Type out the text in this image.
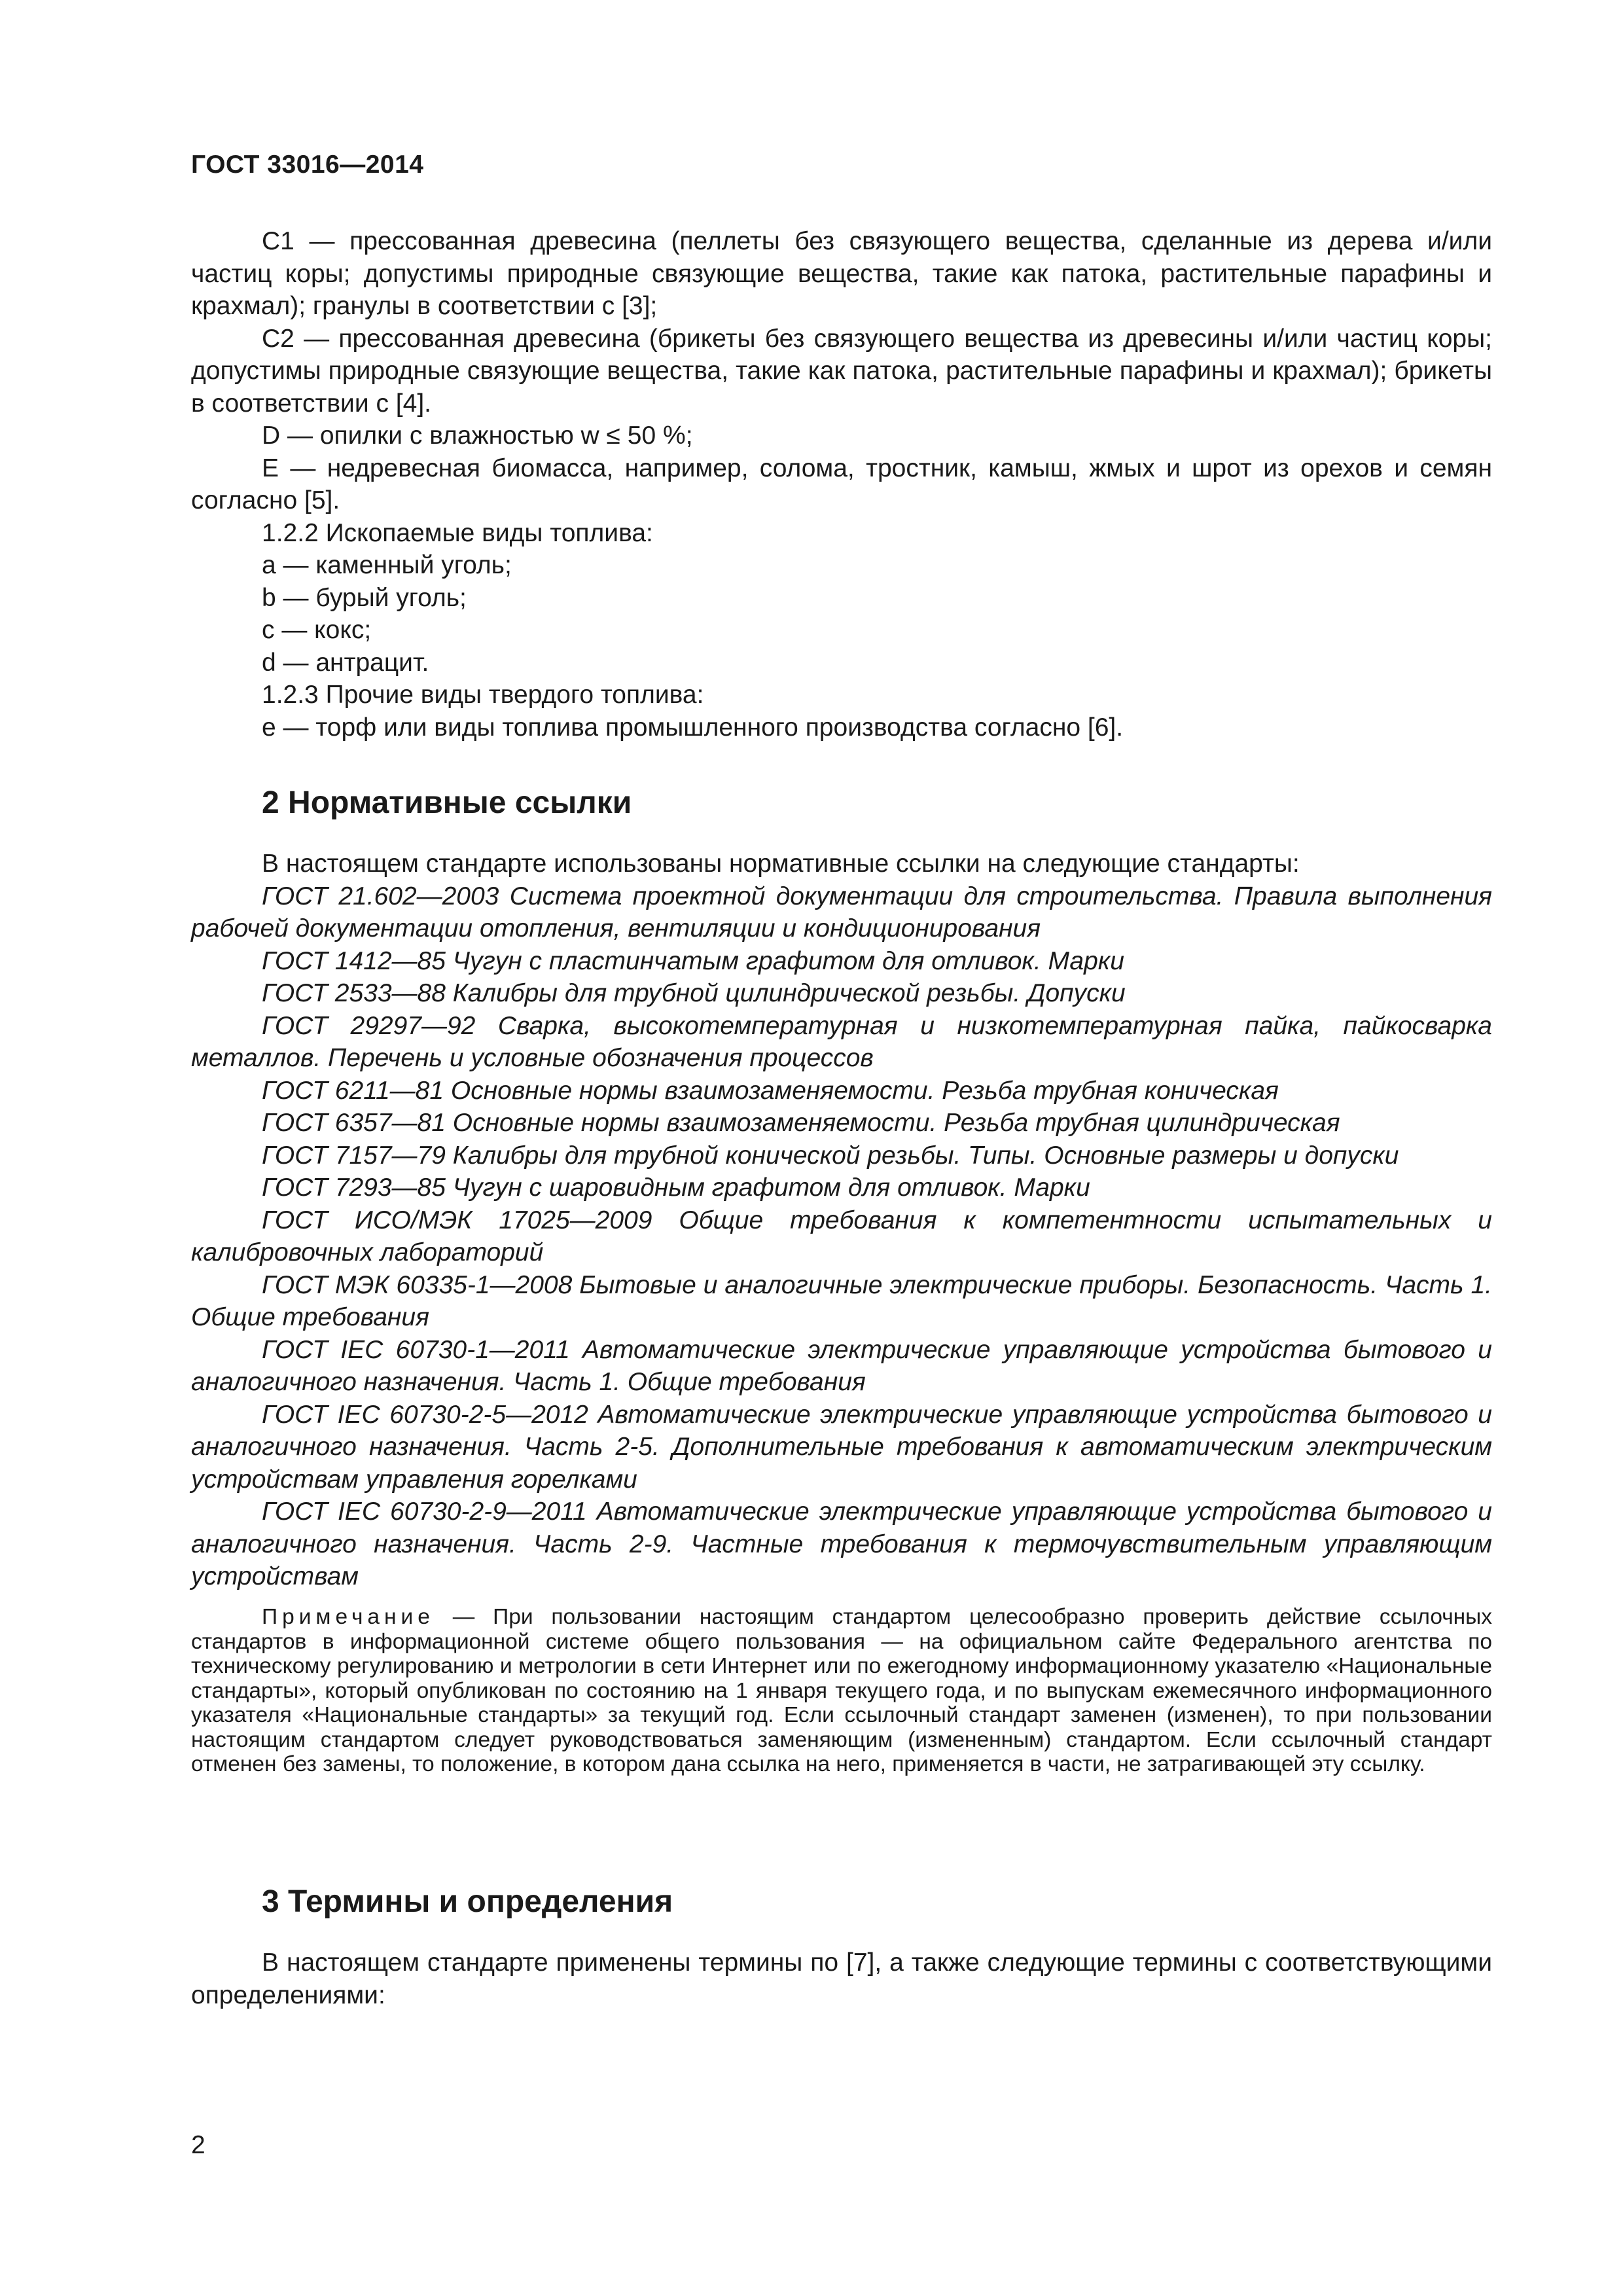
ГОСТ 33016—2014

С1 — прессованная древесина (пеллеты без связующего вещества, сделанные из дерева и/или частиц коры; допустимы природные связующие вещества, такие как патока, растительные парафины и крахмал); гранулы в соответствии с [3];

С2 — прессованная древесина (брикеты без связующего вещества из древесины и/или частиц коры; допустимы природные связующие вещества, такие как патока, растительные парафины и крахмал); брикеты в соответствии с [4].

D — опилки с влажностью w ≤ 50 %;

Е — недревесная биомасса, например, солома, тростник, камыш, жмых и шрот из орехов и семян согласно [5].

1.2.2 Ископаемые виды топлива:

а — каменный уголь;

b — бурый уголь;

с — кокс;

d — антрацит.

1.2.3 Прочие виды твердого топлива:

е — торф или виды топлива промышленного производства согласно [6].

2 Нормативные ссылки

В настоящем стандарте использованы нормативные ссылки на следующие стандарты:

ГОСТ 21.602—2003 Система проектной документации для строительства. Правила выполнения рабочей документации отопления, вентиляции и кондиционирования

ГОСТ 1412—85 Чугун с пластинчатым графитом для отливок. Марки

ГОСТ 2533—88 Калибры для трубной цилиндрической резьбы. Допуски

ГОСТ 29297—92 Сварка, высокотемпературная и низкотемпературная пайка, пайкосварка металлов. Перечень и условные обозначения процессов

ГОСТ 6211—81 Основные нормы взаимозаменяемости. Резьба трубная коническая

ГОСТ 6357—81 Основные нормы взаимозаменяемости. Резьба трубная цилиндрическая

ГОСТ 7157—79 Калибры для трубной конической резьбы. Типы. Основные размеры и допуски

ГОСТ 7293—85 Чугун с шаровидным графитом для отливок. Марки

ГОСТ ИСО/МЭК 17025—2009 Общие требования к компетентности испытательных и калибровочных лабораторий

ГОСТ МЭК 60335-1—2008 Бытовые и аналогичные электрические приборы. Безопасность. Часть 1. Общие требования

ГОСТ IEC 60730-1—2011 Автоматические электрические управляющие устройства бытового и аналогичного назначения. Часть 1. Общие требования

ГОСТ IEC 60730-2-5—2012 Автоматические электрические управляющие устройства бытового и аналогичного назначения. Часть 2-5. Дополнительные требования к автоматическим электрическим устройствам управления горелками

ГОСТ IEC 60730-2-9—2011 Автоматические электрические управляющие устройства бытового и аналогичного назначения. Часть 2-9. Частные требования к термочувствительным управляющим устройствам

Примечание — При пользовании настоящим стандартом целесообразно проверить действие ссылочных стандартов в информационной системе общего пользования — на официальном сайте Федерального агентства по техническому регулированию и метрологии в сети Интернет или по ежегодному информационному указателю «Национальные стандарты», который опубликован по состоянию на 1 января текущего года, и по выпускам ежемесячного информационного указателя «Национальные стандарты» за текущий год. Если ссылочный стандарт заменен (изменен), то при пользовании настоящим стандартом следует руководствоваться заменяющим (измененным) стандартом. Если ссылочный стандарт отменен без замены, то положение, в котором дана ссылка на него, применяется в части, не затрагивающей эту ссылку.

3 Термины и определения

В настоящем стандарте применены термины по [7], а также следующие термины с соответствующими определениями:

2
